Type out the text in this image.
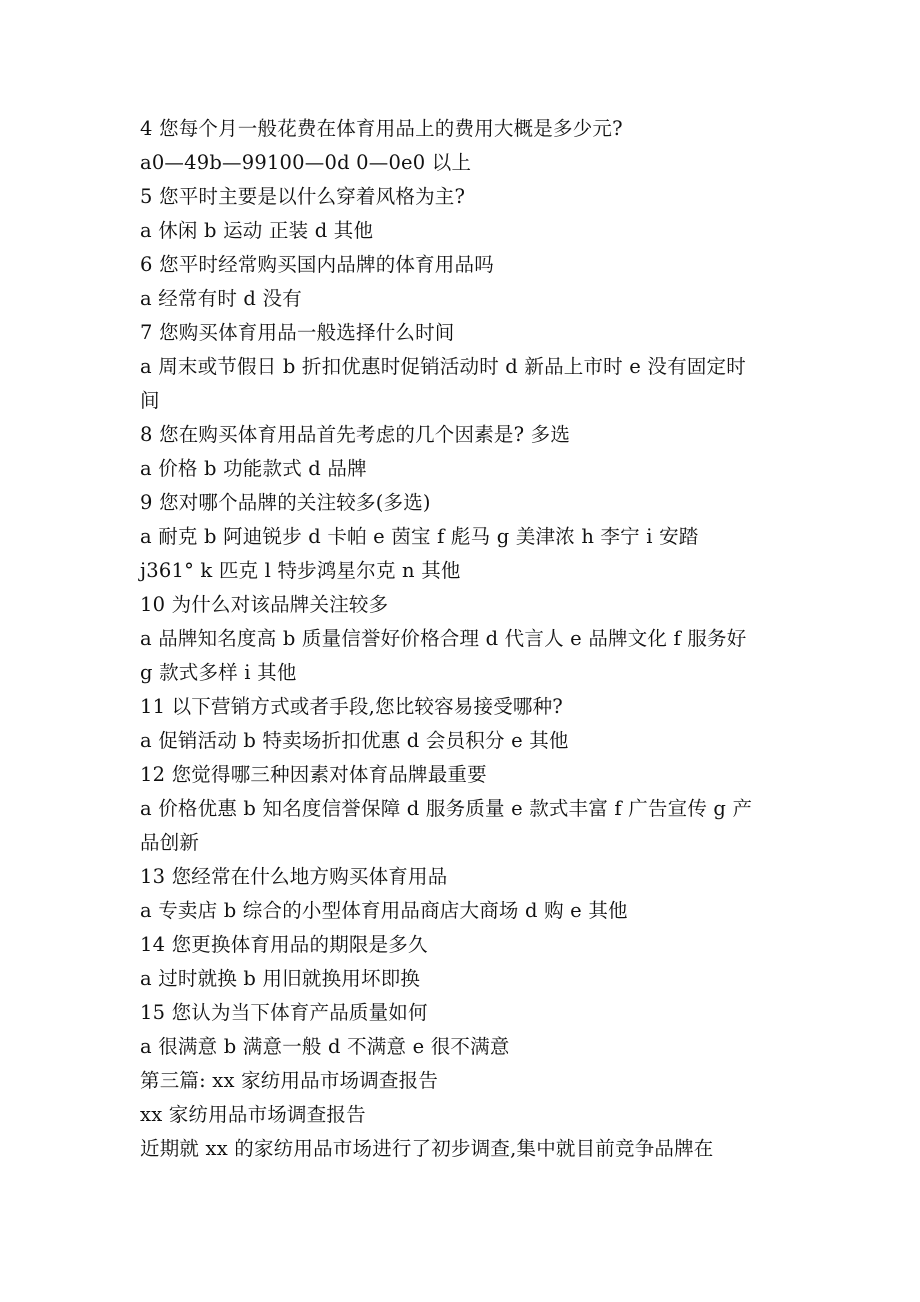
4 您每个月一般花费在体育用品上的费用大概是多少元?
a0—49b—99100—0d 0—0e0 以上
5 您平时主要是以什么穿着风格为主?
a 休闲 b 运动 正装 d 其他
6 您平时经常购买国内品牌的体育用品吗
a 经常有时 d 没有
7 您购买体育用品一般选择什么时间
a 周末或节假日 b 折扣优惠时促销活动时 d 新品上市时 e 没有固定时
间
8 您在购买体育用品首先考虑的几个因素是? 多选
a 价格 b 功能款式 d 品牌
9 您对哪个品牌的关注较多(多选)
a 耐克 b 阿迪锐步 d 卡帕 e 茵宝 f 彪马 g 美津浓 h 李宁 i 安踏
j361° k 匹克 l 特步鸿星尔克 n 其他
10 为什么对该品牌关注较多
a 品牌知名度高 b 质量信誉好价格合理 d 代言人 e 品牌文化 f 服务好
g 款式多样 i 其他
11 以下营销方式或者手段,您比较容易接受哪种?
a 促销活动 b 特卖场折扣优惠 d 会员积分 e 其他
12 您觉得哪三种因素对体育品牌最重要
a 价格优惠 b 知名度信誉保障 d 服务质量 e 款式丰富 f 广告宣传 g 产
品创新
13 您经常在什么地方购买体育用品
a 专卖店 b 综合的小型体育用品商店大商场 d 购 e 其他
14 您更换体育用品的期限是多久
a 过时就换 b 用旧就换用坏即换
15 您认为当下体育产品质量如何
a 很满意 b 满意一般 d 不满意 e 很不满意
第三篇: xx 家纺用品市场调查报告
xx 家纺用品市场调查报告
近期就 xx 的家纺用品市场进行了初步调查,集中就目前竞争品牌在
